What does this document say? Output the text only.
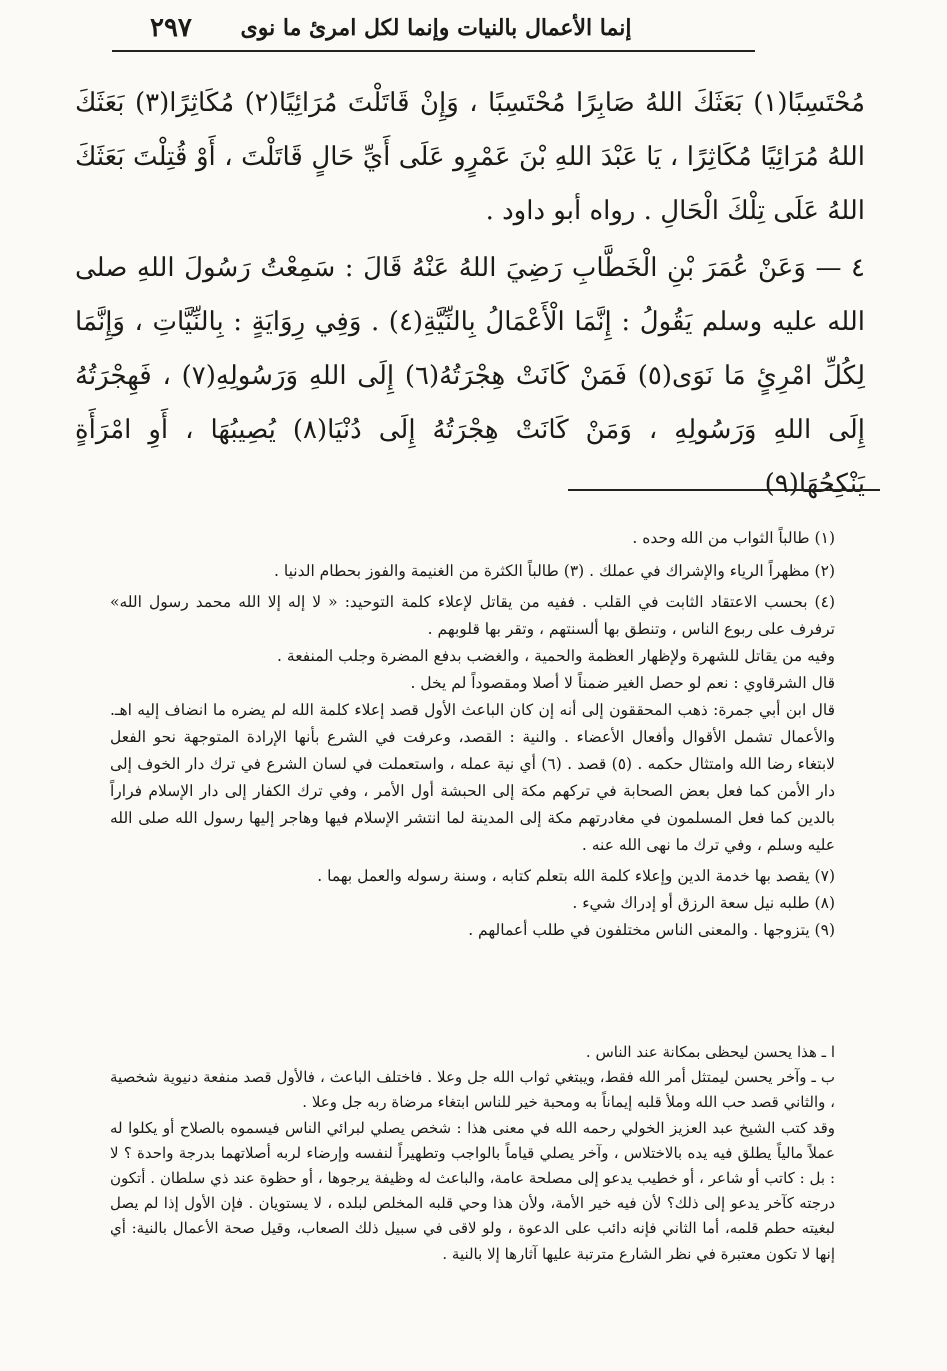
إنما الأعمال بالنيات وإنما لكل امرئ ما نوى
٢٩٧

مُحْتَسِبًا(١) بَعَثَكَ اللهُ صَابِرًا مُحْتَسِبًا ، وَإِنْ قَاتَلْتَ مُرَائِيًا(٢) مُكَاثِرًا(٣) بَعَثَكَ اللهُ مُرَائِيًا مُكَاثِرًا ، يَا عَبْدَ اللهِ بْنَ عَمْرٍو عَلَى أَيِّ حَالٍ قَاتَلْتَ ، أَوْ قُتِلْتَ بَعَثَكَ اللهُ عَلَى تِلْكَ الْحَالِ . رواه أبو داود .

٤ — وَعَنْ عُمَرَ بْنِ الْخَطَّابِ رَضِيَ اللهُ عَنْهُ قَالَ : سَمِعْتُ رَسُولَ اللهِ صلى الله عليه وسلم يَقُولُ : إِنَّمَا الْأَعْمَالُ بِالنِّيَّةِ(٤) . وَفِي رِوَايَةٍ : بِالنِّيَّاتِ ، وَإِنَّمَا لِكُلِّ امْرِئٍ مَا نَوَى(٥) فَمَنْ كَانَتْ هِجْرَتُهُ(٦) إِلَى اللهِ وَرَسُولِهِ(٧) ، فَهِجْرَتُهُ إِلَى اللهِ وَرَسُولِهِ ، وَمَنْ كَانَتْ هِجْرَتُهُ إِلَى دُنْيَا(٨) يُصِيبُهَا ، أَوِ امْرَأَةٍ يَنْكِحُهَا(٩)

(١) طالباً الثواب من الله وحده .

(٢) مظهراً الرياء والإشراك في عملك . (٣) طالباً الكثرة من الغنيمة والفوز بحطام الدنيا .

(٤) بحسب الاعتقاد الثابت في القلب . ففيه من يقاتل لإعلاء كلمة التوحيد: « لا إله إلا الله محمد رسول الله» ترفرف على ربوع الناس ، وتنطق بها ألسنتهم ، وتقر بها قلوبهم .

وفيه من يقاتل للشهرة ولإظهار العظمة والحمية ، والغضب بدفع المضرة وجلب المنفعة .

قال الشرقاوي : نعم لو حصل الغير ضمناً لا أصلا ومقصوداً لم يخل .

قال ابن أبي جمرة: ذهب المحققون إلى أنه إن كان الباعث الأول قصد إعلاء كلمة الله لم يضره ما انضاف إليه اهـ. والأعمال تشمل الأقوال وأفعال الأعضاء . والنية : القصد، وعرفت في الشرع بأنها الإرادة المتوجهة نحو الفعل لابتغاء رضا الله وامتثال حكمه . (٥) قصد . (٦) أي نية عمله ، واستعملت في لسان الشرع في ترك دار الخوف إلى دار الأمن كما فعل بعض الصحابة في تركهم مكة إلى الحبشة أول الأمر ، وفي ترك الكفار إلى دار الإسلام فراراً بالدين كما فعل المسلمون في مغادرتهم مكة إلى المدينة لما انتشر الإسلام فيها وهاجر إليها رسول الله صلى الله عليه وسلم ، وفي ترك ما نهى الله عنه .

(٧) يقصد بها خدمة الدين وإعلاء كلمة الله بتعلم كتابه ، وسنة رسوله والعمل بهما .

(٨) طلبه نيل سعة الرزق أو إدراك شيء .

(٩) يتزوجها . والمعنى الناس مختلفون في طلب أعمالهم .

ا ـ هذا يحسن ليحظى بمكانة عند الناس .

ب ـ وآخر يحسن ليمتثل أمر الله فقط، ويبتغي ثواب الله جل وعلا . فاختلف الباعث ، فالأول قصد منفعة دنيوية شخصية ، والثاني قصد حب الله وملأ قلبه إيماناً به ومحبة خير للناس ابتغاء مرضاة ربه جل وعلا .

وقد كتب الشيخ عبد العزيز الخولي رحمه الله في معنى هذا : شخص يصلي لبرائي الناس فيسموه بالصلاح أو يكلوا له عملاً مالياً يطلق فيه يده بالاختلاس ، وآخر يصلي قياماً بالواجب وتطهيراً لنفسه وإرضاء لربه أصلاتهما بدرجة واحدة ؟ لا : بل : كاتب أو شاعر ، أو خطيب يدعو إلى مصلحة عامة، والباعث له وظيفة يرجوها ، أو حظوة عند ذي سلطان . أتكون درجته كآخر يدعو إلى ذلك؟ لأن فيه خير الأمة، ولأن هذا وحي قلبه المخلص لبلده ، لا يستويان . فإن الأول إذا لم يصل لبغيته حطم قلمه، أما الثاني فإنه دائب على الدعوة ، ولو لاقى في سبيل ذلك الصعاب، وقيل صحة الأعمال بالنية: أي إنها لا تكون معتبرة في نظر الشارع مترتبة عليها آثارها إلا بالنية .
